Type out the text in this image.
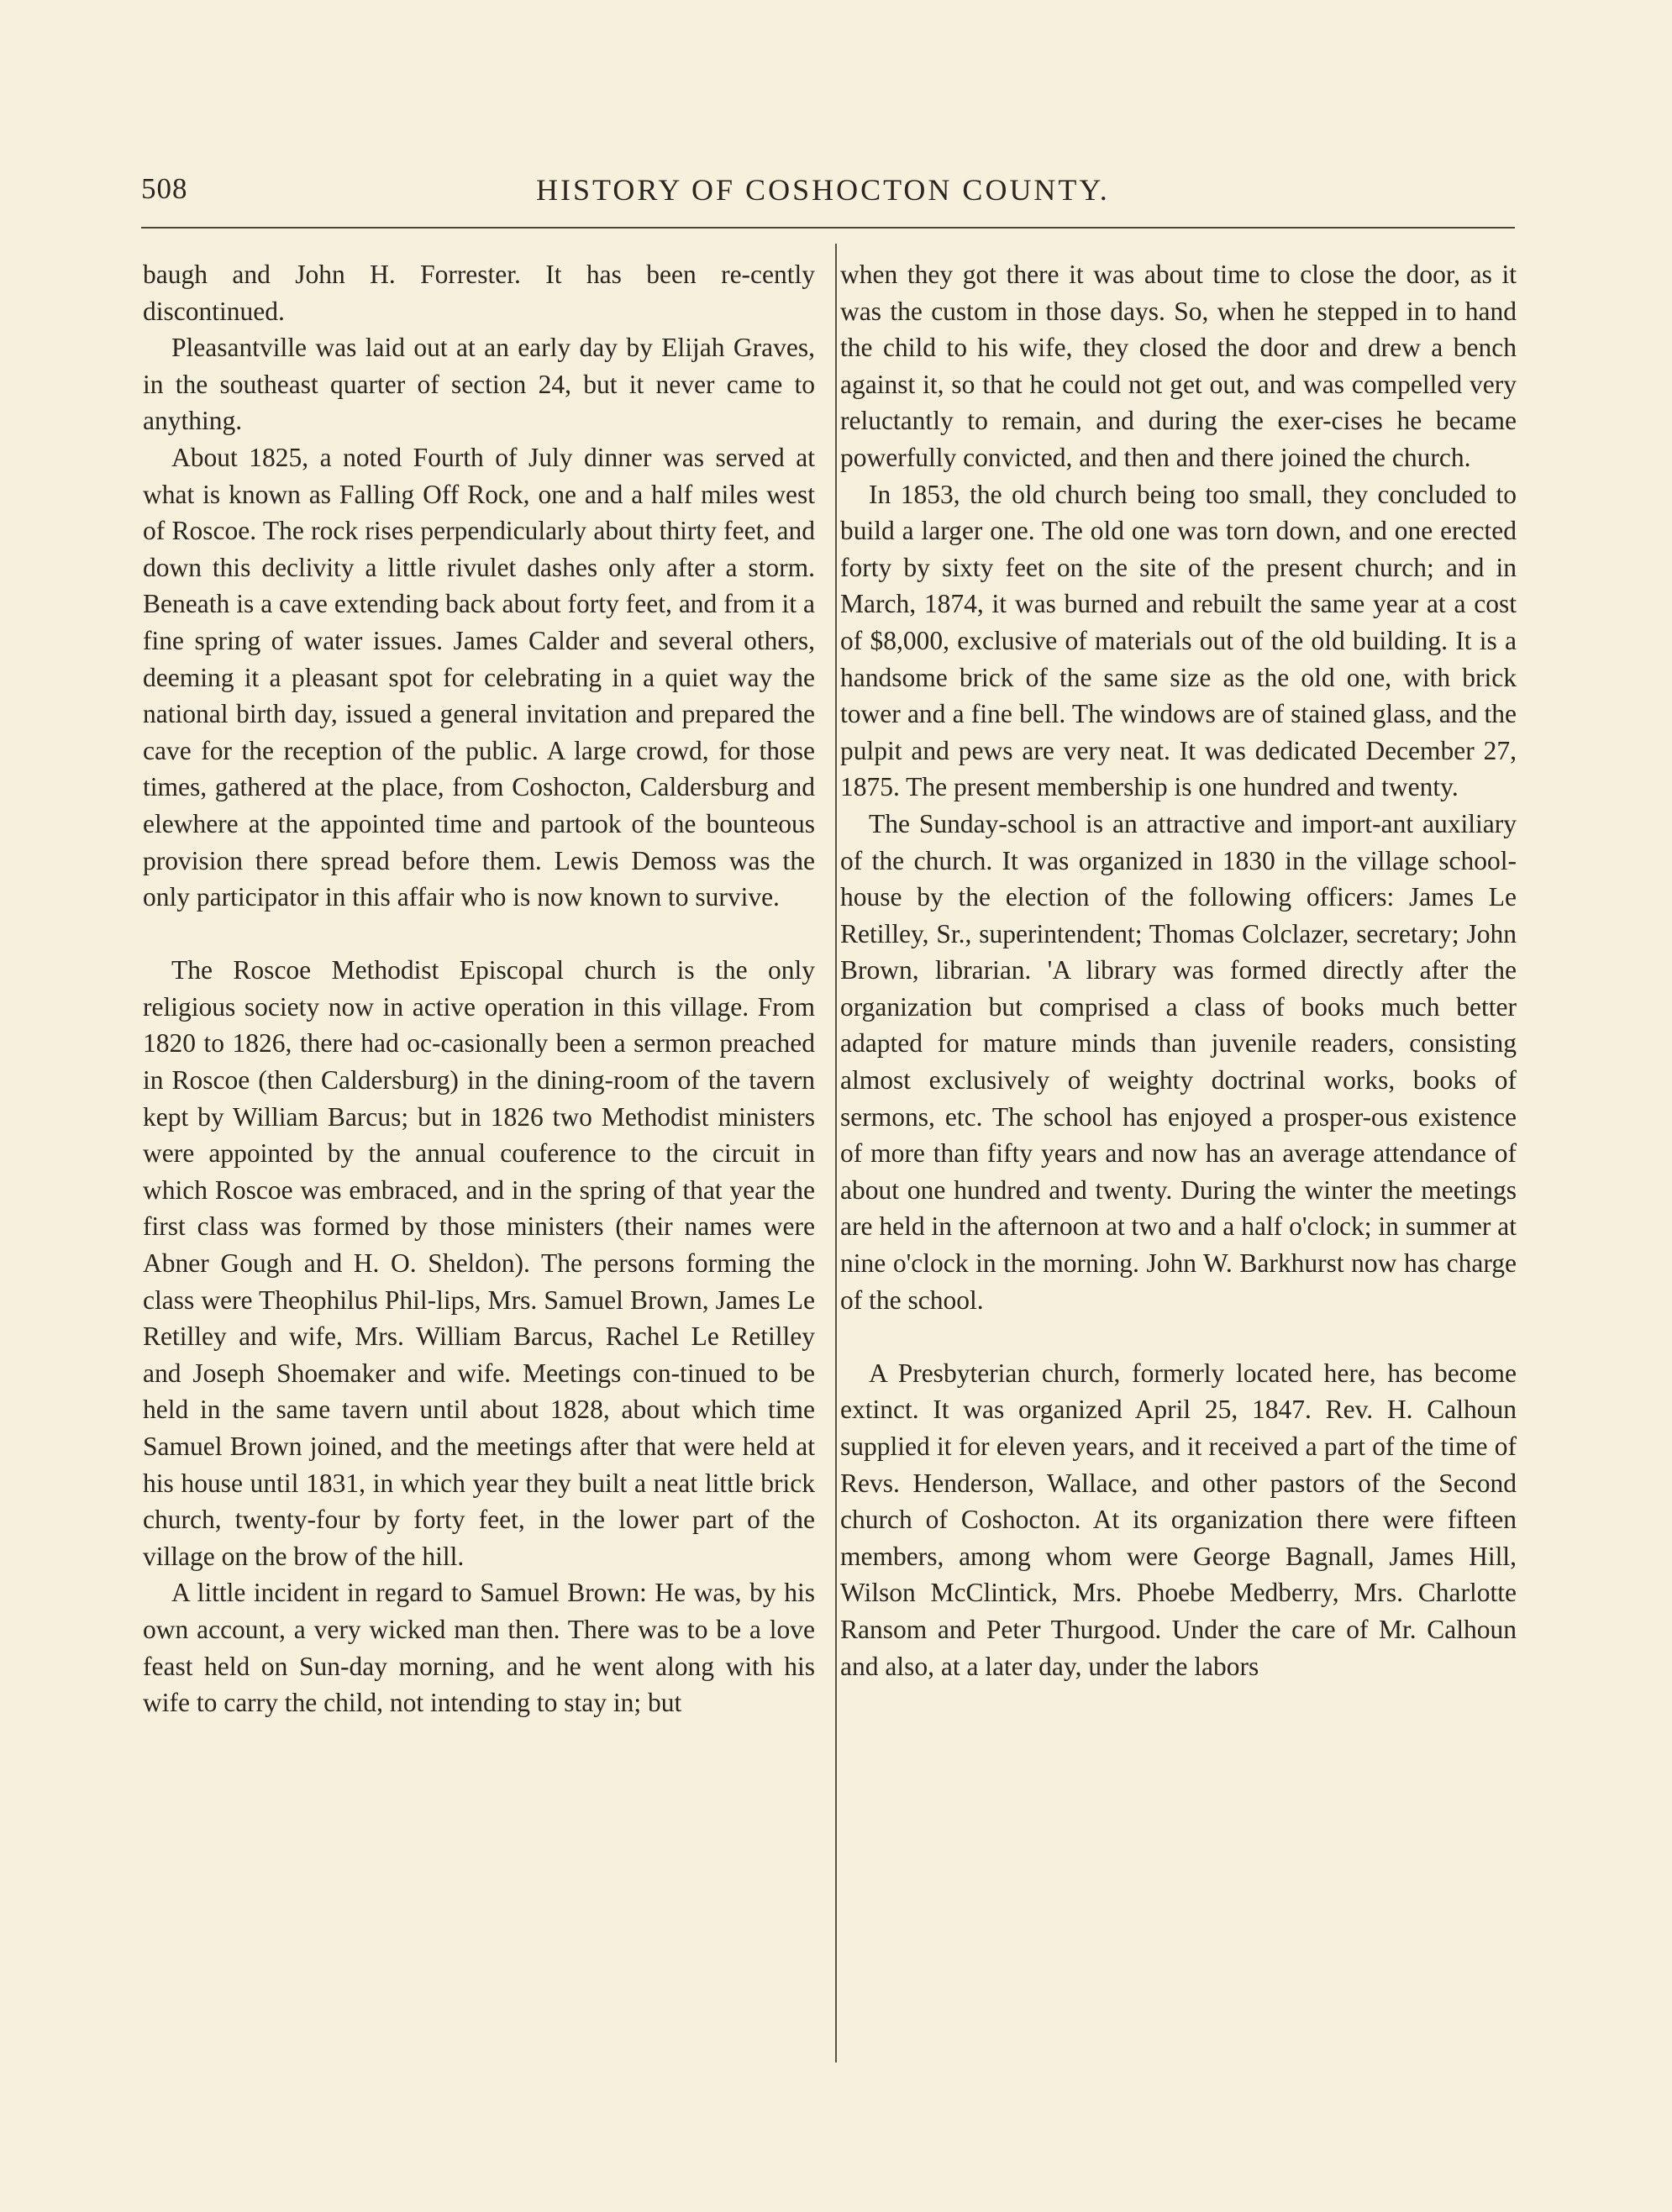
508	HISTORY OF COSHOCTON COUNTY.

baugh and John H. Forrester. It has been re-cently discontinued.

Pleasantville was laid out at an early day by Elijah Graves, in the southeast quarter of section 24, but it never came to anything.

About 1825, a noted Fourth of July dinner was served at what is known as Falling Off Rock, one and a half miles west of Roscoe. The rock rises perpendicularly about thirty feet, and down this declivity a little rivulet dashes only after a storm. Beneath is a cave extending back about forty feet, and from it a fine spring of water issues. James Calder and several others, deeming it a pleasant spot for celebrating in a quiet way the national birth day, issued a general invitation and prepared the cave for the reception of the public. A large crowd, for those times, gathered at the place, from Coshocton, Caldersburg and elewhere at the appointed time and partook of the bounteous provision there spread before them. Lewis Demoss was the only participator in this affair who is now known to survive.

The Roscoe Methodist Episcopal church is the only religious society now in active operation in this village. From 1820 to 1826, there had oc-casionally been a sermon preached in Roscoe (then Caldersburg) in the dining-room of the tavern kept by William Barcus; but in 1826 two Methodist ministers were appointed by the annual couference to the circuit in which Roscoe was embraced, and in the spring of that year the first class was formed by those ministers (their names were Abner Gough and H. O. Sheldon). The persons forming the class were Theophilus Phil-lips, Mrs. Samuel Brown, James Le Retilley and wife, Mrs. William Barcus, Rachel Le Retilley and Joseph Shoemaker and wife. Meetings con-tinued to be held in the same tavern until about 1828, about which time Samuel Brown joined, and the meetings after that were held at his house until 1831, in which year they built a neat little brick church, twenty-four by forty feet, in the lower part of the village on the brow of the hill.

A little incident in regard to Samuel Brown: He was, by his own account, a very wicked man then. There was to be a love feast held on Sun-day morning, and he went along with his wife to carry the child, not intending to stay in; but

when they got there it was about time to close the door, as it was the custom in those days. So, when he stepped in to hand the child to his wife, they closed the door and drew a bench against it, so that he could not get out, and was compelled very reluctantly to remain, and during the exer-cises he became powerfully convicted, and then and there joined the church.

In 1853, the old church being too small, they concluded to build a larger one. The old one was torn down, and one erected forty by sixty feet on the site of the present church; and in March, 1874, it was burned and rebuilt the same year at a cost of $8,000, exclusive of materials out of the old building. It is a handsome brick of the same size as the old one, with brick tower and a fine bell. The windows are of stained glass, and the pulpit and pews are very neat. It was dedicated December 27, 1875. The present membership is one hundred and twenty.

The Sunday-school is an attractive and import-ant auxiliary of the church. It was organized in 1830 in the village school-house by the election of the following officers: James Le Retilley, Sr., superintendent; Thomas Colclazer, secretary; John Brown, librarian. 'A library was formed directly after the organization but comprised a class of books much better adapted for mature minds than juvenile readers, consisting almost exclusively of weighty doctrinal works, books of sermons, etc. The school has enjoyed a prosper-ous existence of more than fifty years and now has an average attendance of about one hundred and twenty. During the winter the meetings are held in the afternoon at two and a half o'clock; in summer at nine o'clock in the morning. John W. Barkhurst now has charge of the school.

A Presbyterian church, formerly located here, has become extinct. It was organized April 25, 1847. Rev. H. Calhoun supplied it for eleven years, and it received a part of the time of Revs. Henderson, Wallace, and other pastors of the Second church of Coshocton. At its organization there were fifteen members, among whom were George Bagnall, James Hill, Wilson McClintick, Mrs. Phoebe Medberry, Mrs. Charlotte Ransom and Peter Thurgood. Under the care of Mr. Calhoun and also, at a later day, under the labors
